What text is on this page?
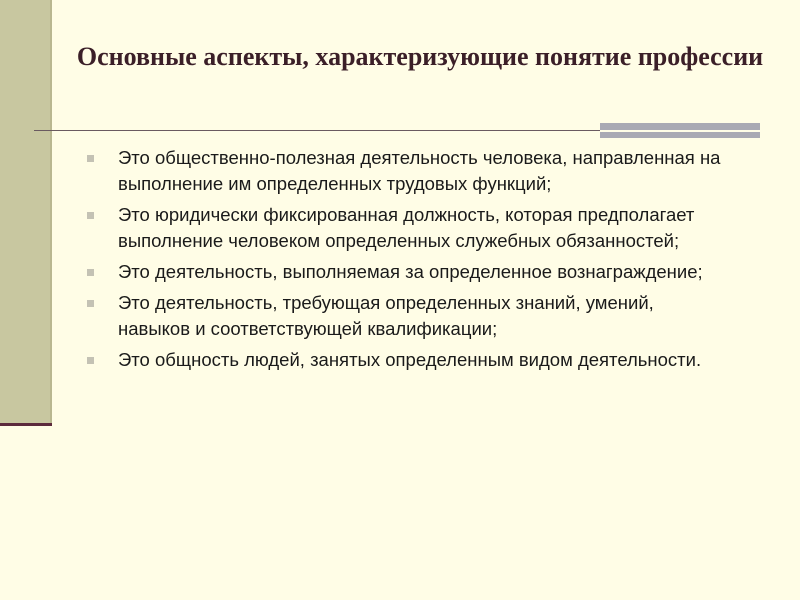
Основные аспекты, характеризующие понятие профессии
Это общественно-полезная деятельность человека, направленная на выполнение им определенных трудовых функций;
Это юридически фиксированная должность, которая предполагает выполнение человеком определенных служебных обязанностей;
Это деятельность, выполняемая за определенное вознаграждение;
Это деятельность, требующая определенных знаний, умений, навыков и соответствующей квалификации;
Это общность людей, занятых определенным видом деятельности.
